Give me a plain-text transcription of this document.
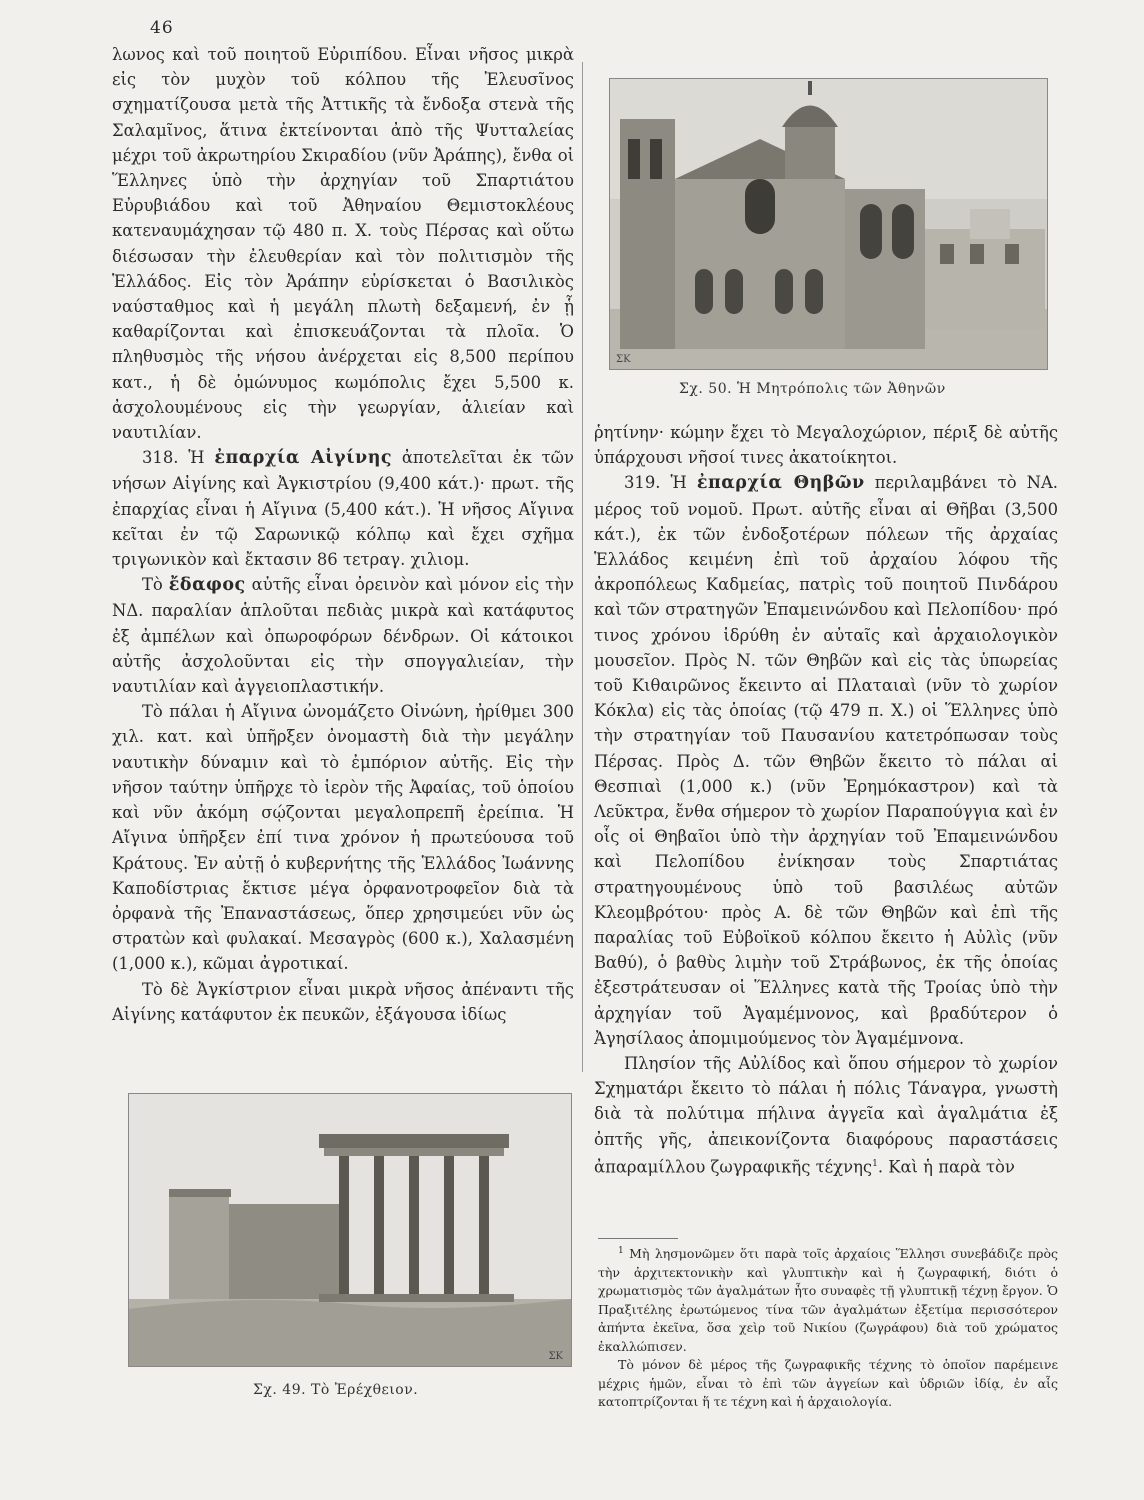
46

λωνος καὶ τοῦ ποιητοῦ Εὐριπίδου. Εἶναι νῆσος μικρὰ εἰς τὸν μυχὸν τοῦ κόλπου τῆς Ἐλευσῖνος σχηματίζουσα μετὰ τῆς Ἀττικῆς τὰ ἔνδοξα στενὰ τῆς Σαλαμῖνος, ἅτινα ἐκτείνονται ἀπὸ τῆς Ψυτταλείας μέχρι τοῦ ἀκρωτηρίου Σκιραδίου (νῦν Ἀράπης), ἔνθα οἱ Ἕλληνες ὑπὸ τὴν ἀρχηγίαν τοῦ Σπαρτιάτου Εὐρυβιάδου καὶ τοῦ Ἀθηναίου Θεμιστοκλέους κατεναυμάχησαν τῷ 480 π. Χ. τοὺς Πέρσας καὶ οὕτω διέσωσαν τὴν ἐλευθερίαν καὶ τὸν πολιτισμὸν τῆς Ἑλλάδος. Εἰς τὸν Ἀράπην εὑρίσκεται ὁ Βασιλικὸς ναύσταθμος καὶ ἡ μεγάλη πλωτὴ δεξαμενή, ἐν ᾗ καθαρίζονται καὶ ἐπισκευάζονται τὰ πλοῖα. Ὁ πληθυσμὸς τῆς νήσου ἀνέρχεται εἰς 8,500 περίπου κατ., ἡ δὲ ὁμώνυμος κωμόπολις ἔχει 5,500 κ. ἀσχολουμένους εἰς τὴν γεωργίαν, ἁλιείαν καὶ ναυτιλίαν.

318. Ἡ ἐπαρχία Αἰγίνης ἀποτελεῖται ἐκ τῶν νήσων Αἰγίνης καὶ Ἀγκιστρίου (9,400 κάτ.)· πρωτ. τῆς ἐπαρχίας εἶναι ἡ Αἴγινα (5,400 κάτ.). Ἡ νῆσος Αἴγινα κεῖται ἐν τῷ Σαρωνικῷ κόλπῳ καὶ ἔχει σχῆμα τριγωνικὸν καὶ ἔκτασιν 86 τετραγ. χιλιομ.

Τὸ ἔδαφος αὐτῆς εἶναι ὀρεινὸν καὶ μόνον εἰς τὴν ΝΔ. παραλίαν ἁπλοῦται πεδιὰς μικρὰ καὶ κατάφυτος ἐξ ἀμπέλων καὶ ὀπωροφόρων δένδρων. Οἱ κάτοικοι αὐτῆς ἀσχολοῦνται εἰς τὴν σπογγαλιείαν, τὴν ναυτιλίαν καὶ ἀγγειοπλαστικήν.

Τὸ πάλαι ἡ Αἴγινα ὠνομάζετο Οἰνώνη, ἠρίθμει 300 χιλ. κατ. καὶ ὑπῆρξεν ὀνομαστὴ διὰ τὴν μεγάλην ναυτικὴν δύναμιν καὶ τὸ ἐμπόριον αὐτῆς. Εἰς τὴν νῆσον ταύτην ὑπῆρχε τὸ ἱερὸν τῆς Ἀφαίας, τοῦ ὁποίου καὶ νῦν ἀκόμη σῴζονται μεγαλοπρεπῆ ἐρείπια. Ἡ Αἴγινα ὑπῆρξεν ἐπί τινα χρόνον ἡ πρωτεύουσα τοῦ Κράτους. Ἐν αὐτῇ ὁ κυβερνήτης τῆς Ἑλλάδος Ἰωάννης Καποδίστριας ἔκτισε μέγα ὀρφανοτροφεῖον διὰ τὰ ὀρφανὰ τῆς Ἐπαναστάσεως, ὅπερ χρησιμεύει νῦν ὡς στρατὼν καὶ φυλακαί. Μεσαγρὸς (600 κ.), Χαλασμένη (1,000 κ.), κῶμαι ἀγροτικαί.

Τὸ δὲ Ἀγκίστριον εἶναι μικρὰ νῆσος ἀπέναντι τῆς Αἰγίνης κατάφυτον ἐκ πευκῶν, ἐξάγουσα ἰδίως

ΣΚ
Σχ. 50. Ἡ Μητρόπολις τῶν Ἀθηνῶν

ῥητίνην· κώμην ἔχει τὸ Μεγαλοχώριον, πέριξ δὲ αὐτῆς ὑπάρχουσι νῆσοί τινες ἀκατοίκητοι.

319. Ἡ ἐπαρχία Θηβῶν περιλαμβάνει τὸ ΝΑ. μέρος τοῦ νομοῦ. Πρωτ. αὐτῆς εἶναι αἱ Θῆβαι (3,500 κάτ.), ἐκ τῶν ἐνδοξοτέρων πόλεων τῆς ἀρχαίας Ἑλλάδος κειμένη ἐπὶ τοῦ ἀρχαίου λόφου τῆς ἀκροπόλεως Καδμείας, πατρὶς τοῦ ποιητοῦ Πινδάρου καὶ τῶν στρατηγῶν Ἐπαμεινώνδου καὶ Πελοπίδου· πρό τινος χρόνου ἱδρύθη ἐν αὐταῖς καὶ ἀρχαιολογικὸν μουσεῖον. Πρὸς Ν. τῶν Θηβῶν καὶ εἰς τὰς ὑπωρείας τοῦ Κιθαιρῶνος ἔκειντο αἱ Πλαταιαὶ (νῦν τὸ χωρίον Κόκλα) εἰς τὰς ὁποίας (τῷ 479 π. Χ.) οἱ Ἕλληνες ὑπὸ τὴν στρατηγίαν τοῦ Παυσανίου κατετρόπωσαν τοὺς Πέρσας. Πρὸς Δ. τῶν Θηβῶν ἔκειτο τὸ πάλαι αἱ Θεσπιαὶ (1,000 κ.) (νῦν Ἐρημόκαστρον) καὶ τὰ Λεῦκτρα, ἔνθα σήμερον τὸ χωρίον Παραπούγγια καὶ ἐν οἷς οἱ Θηβαῖοι ὑπὸ τὴν ἀρχηγίαν τοῦ Ἐπαμεινώνδου καὶ Πελοπίδου ἐνίκησαν τοὺς Σπαρτιάτας στρατηγουμένους ὑπὸ τοῦ βασιλέως αὐτῶν Κλεομβρότου· πρὸς Α. δὲ τῶν Θηβῶν καὶ ἐπὶ τῆς παραλίας τοῦ Εὐβοϊκοῦ κόλπου ἔκειτο ἡ Αὐλὶς (νῦν Βαθύ), ὁ βαθὺς λιμὴν τοῦ Στράβωνος, ἐκ τῆς ὁποίας ἐξεστράτευσαν οἱ Ἕλληνες κατὰ τῆς Τροίας ὑπὸ τὴν ἀρχηγίαν τοῦ Ἀγαμέμνονος, καὶ βραδύτερον ὁ Ἀγησίλαος ἀπομιμούμενος τὸν Ἀγαμέμνονα.

Πλησίον τῆς Αὐλίδος καὶ ὅπου σήμερον τὸ χωρίον Σχηματάρι ἔκειτο τὸ πάλαι ἡ πόλις Τάναγρα, γνωστὴ διὰ τὰ πολύτιμα πήλινα ἀγγεῖα καὶ ἀγαλμάτια ἐξ ὀπτῆς γῆς, ἀπεικονίζοντα διαφόρους παραστάσεις ἀπαραμίλλου ζωγραφικῆς τέχνης$^1$. Καὶ ἡ παρὰ τὸν

ΣΚ
Σχ. 49. Τὸ Ἐρέχθειον.

$^1$ Μὴ λησμονῶμεν ὅτι παρὰ τοῖς ἀρχαίοις Ἕλλησι συνεβάδιζε πρὸς τὴν ἀρχιτεκτονικὴν καὶ γλυπτικὴν καὶ ἡ ζωγραφική, διότι ὁ χρωματισμὸς τῶν ἀγαλμάτων ἦτο συναφὲς τῇ γλυπτικῇ τέχνῃ ἔργον. Ὁ Πραξιτέλης ἐρωτώμενος τίνα τῶν ἀγαλμάτων ἐξετίμα περισσότερον ἀπήντα ἐκεῖνα, ὅσα χεὶρ τοῦ Νικίου (ζωγράφου) διὰ τοῦ χρώματος ἐκαλλώπισεν.

Τὸ μόνον δὲ μέρος τῆς ζωγραφικῆς τέχνης τὸ ὁποῖον παρέμεινε μέχρις ἡμῶν, εἶναι τὸ ἐπὶ τῶν ἀγγείων καὶ ὑδριῶν ἰδίᾳ, ἐν αἷς κατοπτρίζονται ἥ τε τέχνη καὶ ἡ ἀρχαιολογία.
